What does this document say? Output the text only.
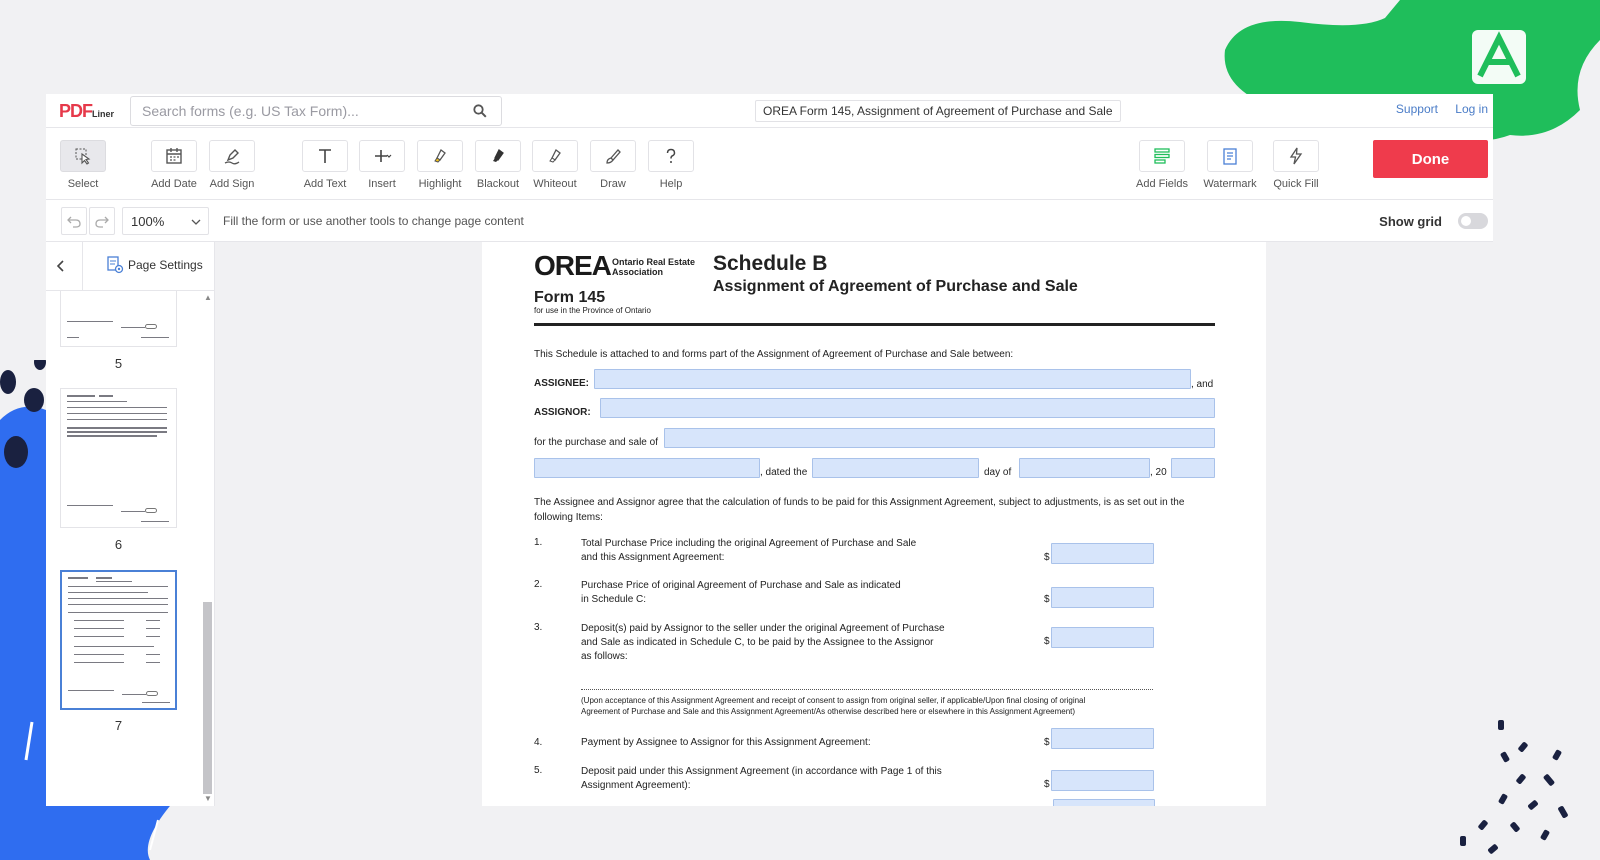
PDFLiner
Search forms (e.g. US Tax Form)...	OREA Form 145, Assignment of Agreement of Purchase and Sale	Support Log in
Select	Add Date	Add Sign	Add Text	Insert	Highlight	Blackout	Whiteout	Draw	Help	Add Fields	Watermark	Quick Fill
Done
100%	Fill the form or use another tools to change page content	Show grid
Page Settings
5
6
7
▲
▼
OREA Ontario Real Estate
Association
Form 145
for use in the Province of Ontario
Schedule B
Assignment of Agreement of Purchase and Sale
This Schedule is attached to and forms part of the Assignment of Agreement of Purchase and Sale between:
ASSIGNEE:	, and
ASSIGNOR:
for the purchase and sale of
, dated the	day of	, 20
The Assignee and Assignor agree that the calculation of funds to be paid for this Assignment Agreement, subject to adjustments, is as set out in the following Items:
1.	Total Purchase Price including the original Agreement of Purchase and Sale
and this Assignment Agreement:	$
2.	Purchase Price of original Agreement of Purchase and Sale as indicated
in Schedule C:	$
3.	Deposit(s) paid by Assignor to the seller under the original Agreement of Purchase
and Sale as indicated in Schedule C, to be paid by the Assignee to the Assignor
as follows:
$
(Upon acceptance of this Assignment Agreement and receipt of consent to assign from original seller, if applicable/Upon final closing of original
Agreement of Purchase and Sale and this Assignment Agreement/As otherwise described here or elsewhere in this Assignment Agreement)
4.	Payment by Assignee to Assignor for this Assignment Agreement:	$
5.	Deposit paid under this Assignment Agreement (in accordance with Page 1 of this
Assignment Agreement):	$
